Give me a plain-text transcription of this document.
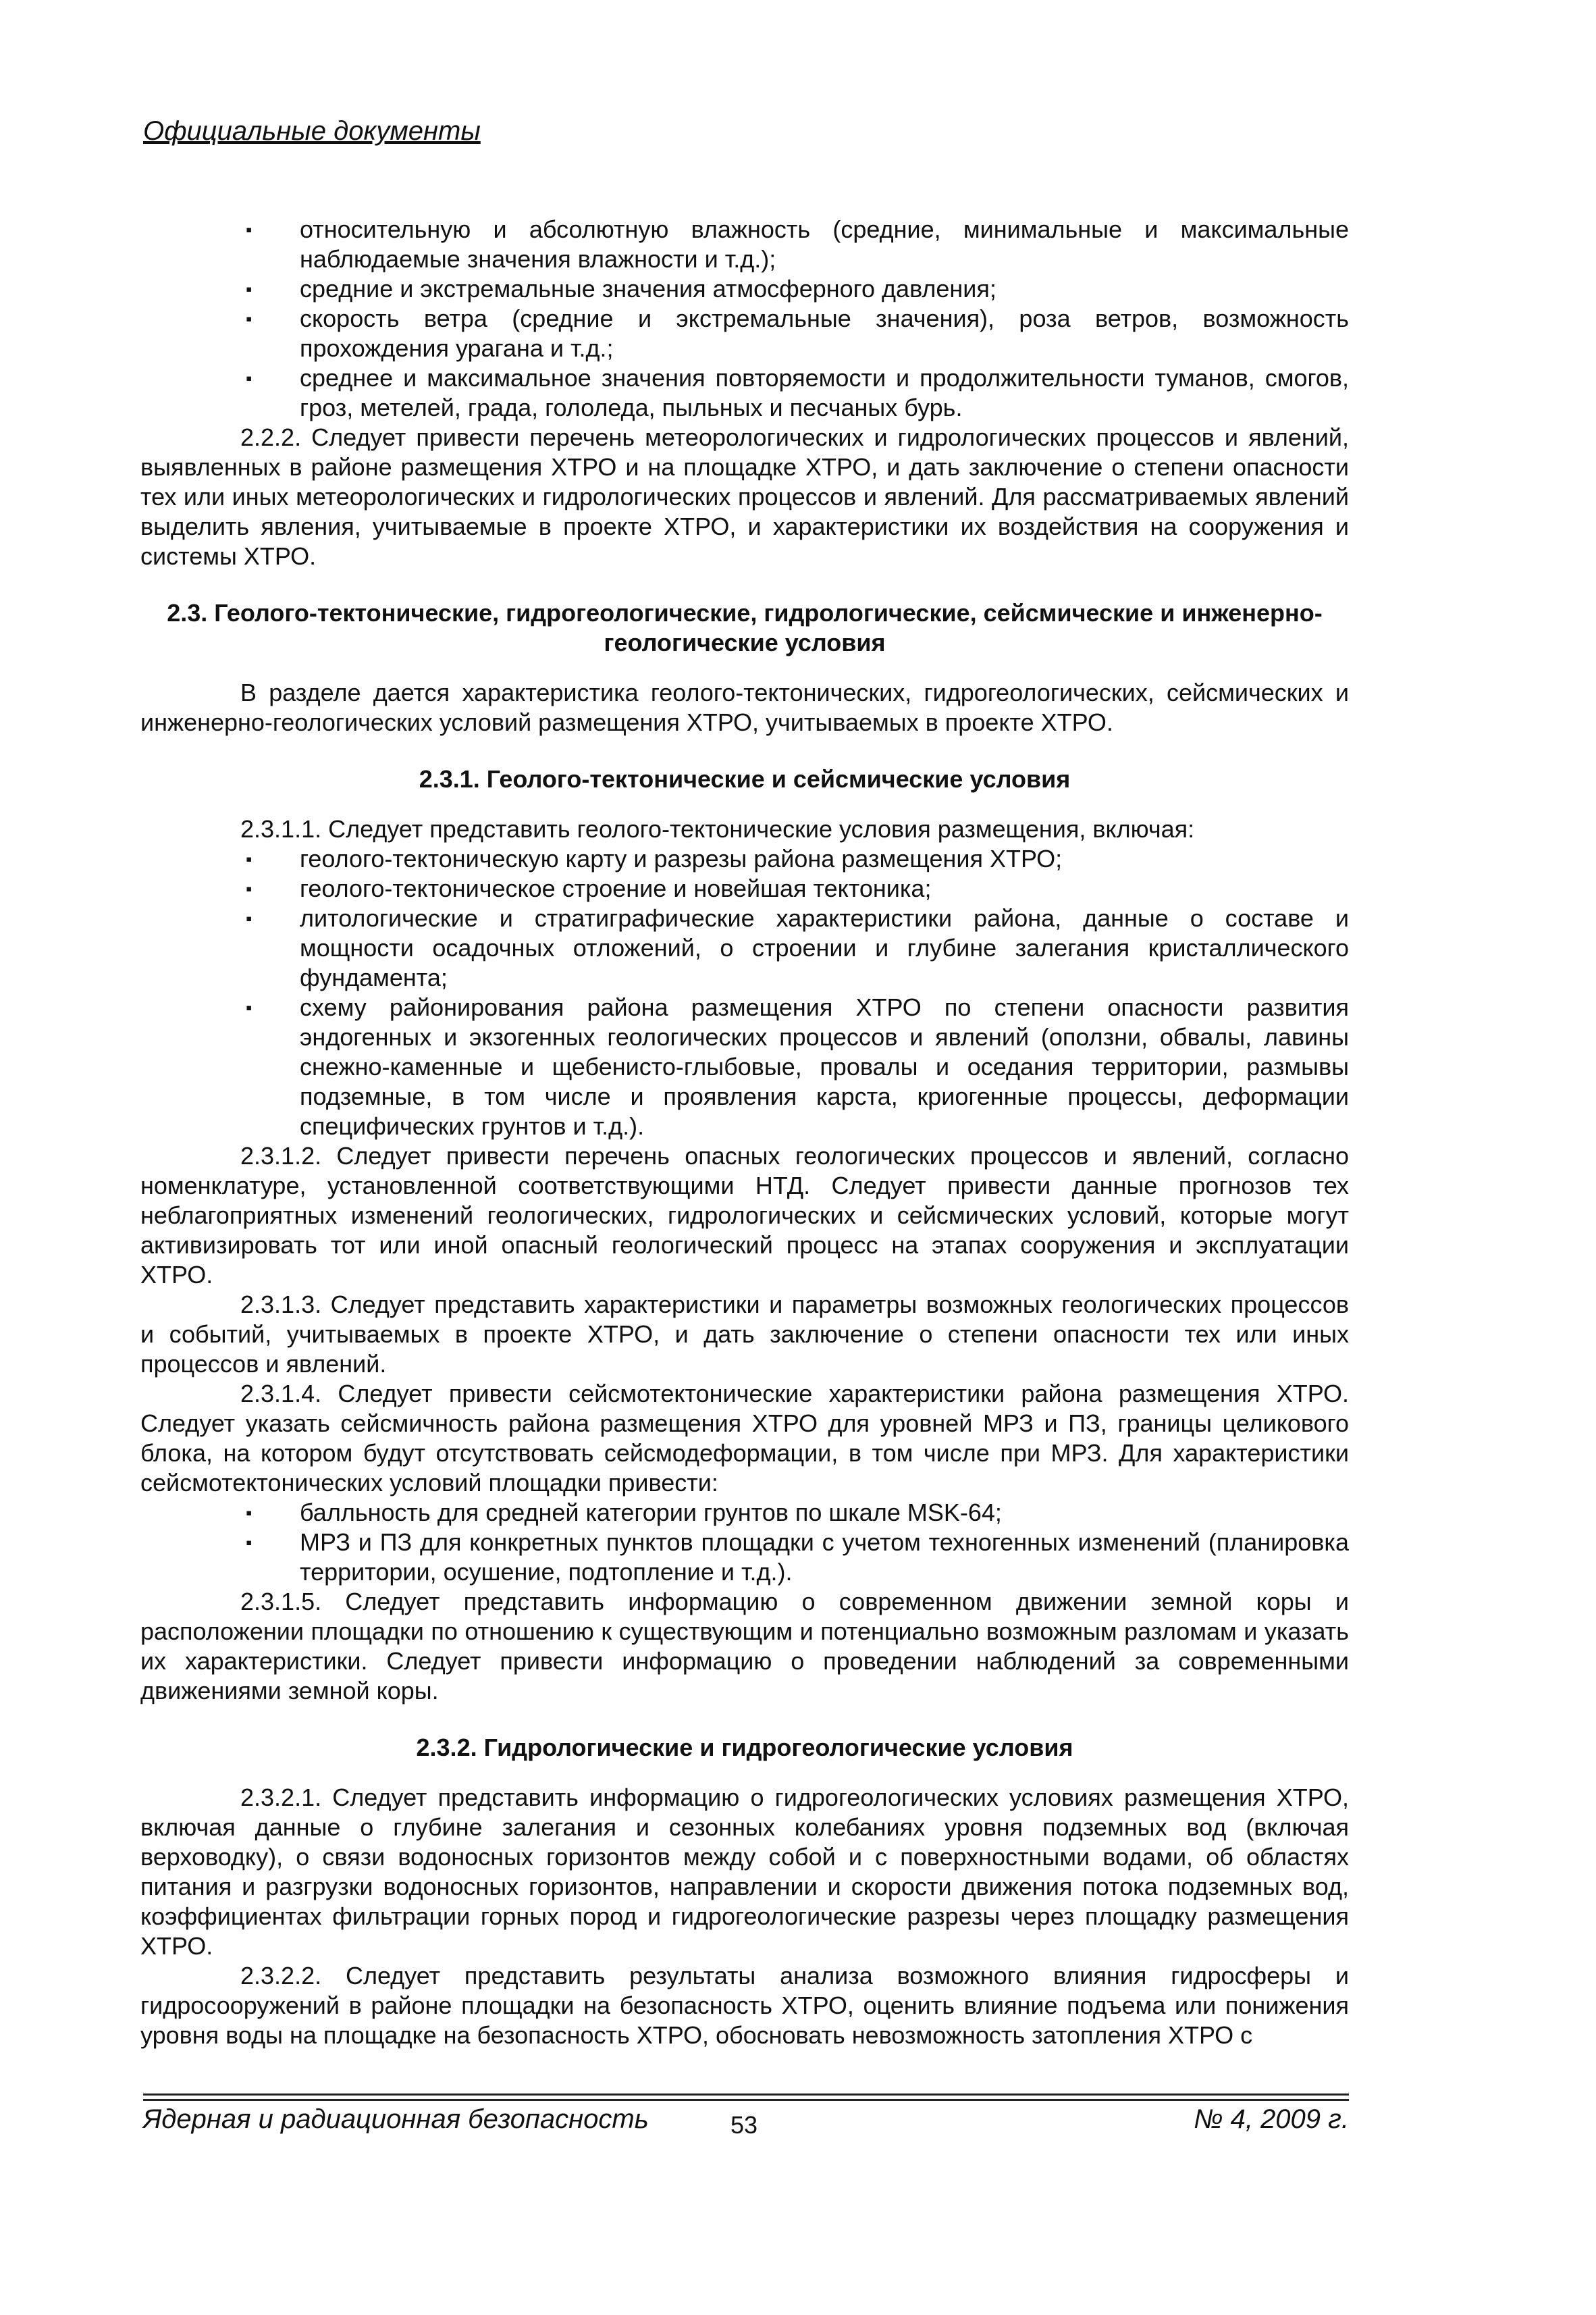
Официальные документы
▪ относительную и абсолютную влажность (средние, минимальные и максимальные наблюдаемые значения влажности и т.д.);
▪ средние и экстремальные значения атмосферного давления;
▪ скорость ветра (средние и экстремальные значения), роза ветров, возможность прохождения урагана и т.д.;
▪ среднее и максимальное значения повторяемости и продолжительности туманов, смогов, гроз, метелей, града, гололеда, пыльных и песчаных бурь.

2.2.2. Следует привести перечень метеорологических и гидрологических процессов и явлений, выявленных в районе размещения ХТРО и на площадке ХТРО, и дать заключение о степени опасности тех или иных метеорологических и гидрологических процессов и явлений. Для рассматриваемых явлений выделить явления, учитываемые в проекте ХТРО, и характеристики их воздействия на сооружения и системы ХТРО.

2.3. Геолого-тектонические, гидрогеологические, гидрологические, сейсмические и инженерно-геологические условия

В разделе дается характеристика геолого-тектонических, гидрогеологических, сейсмических и инженерно-геологических условий размещения ХТРО, учитываемых в проекте ХТРО.

2.3.1. Геолого-тектонические и сейсмические условия

2.3.1.1. Следует представить геолого-тектонические условия размещения, включая:

▪ геолого-тектоническую карту и разрезы района размещения ХТРО;
▪ геолого-тектоническое строение и новейшая тектоника;
▪ литологические и стратиграфические характеристики района, данные о составе и мощности осадочных отложений, о строении и глубине залегания кристаллического фундамента;
▪ схему районирования района размещения ХТРО по степени опасности развития эндогенных и экзогенных геологических процессов и явлений (оползни, обвалы, лавины снежно-каменные и щебенисто-глыбовые, провалы и оседания территории, размывы подземные, в том числе и проявления карста, криогенные процессы, деформации специфических грунтов и т.д.).

2.3.1.2. Следует привести перечень опасных геологических процессов и явлений, согласно номенклатуре, установленной соответствующими НТД. Следует привести данные прогнозов тех неблагоприятных изменений геологических, гидрологических и сейсмических условий, которые могут активизировать тот или иной опасный геологический процесс на этапах сооружения и эксплуатации ХТРО.

2.3.1.3. Следует представить характеристики и параметры возможных геологических процессов и событий, учитываемых в проекте ХТРО, и дать заключение о степени опасности тех или иных процессов и явлений.

2.3.1.4. Следует привести сейсмотектонические характеристики района размещения ХТРО. Следует указать сейсмичность района размещения ХТРО для уровней МРЗ и ПЗ, границы целикового блока, на котором будут отсутствовать сейсмодеформации, в том числе при МРЗ. Для характеристики сейсмотектонических условий площадки привести:

▪ балльность для средней категории грунтов по шкале MSK-64;
▪ МРЗ и ПЗ для конкретных пунктов площадки с учетом техногенных изменений (планировка территории, осушение, подтопление и т.д.).

2.3.1.5. Следует представить информацию о современном движении земной коры и расположении площадки по отношению к существующим и потенциально возможным разломам и указать их характеристики. Следует привести информацию о проведении наблюдений за современными движениями земной коры.

2.3.2. Гидрологические и гидрогеологические условия

2.3.2.1. Следует представить информацию о гидрогеологических условиях размещения ХТРО, включая данные о глубине залегания и сезонных колебаниях уровня подземных вод (включая верховодку), о связи водоносных горизонтов между собой и с поверхностными водами, об областях питания и разгрузки водоносных горизонтов, направлении и скорости движения потока подземных вод, коэффициентах фильтрации горных пород и гидрогеологические разрезы через площадку размещения ХТРО.

2.3.2.2. Следует представить результаты анализа возможного влияния гидросферы и гидросооружений в районе площадки на безопасность ХТРО, оценить влияние подъема или понижения уровня воды на площадке на безопасность ХТРО, обосновать невозможность затопления ХТРО с

Ядерная и радиационная безопасность	53	№ 4, 2009 г.
